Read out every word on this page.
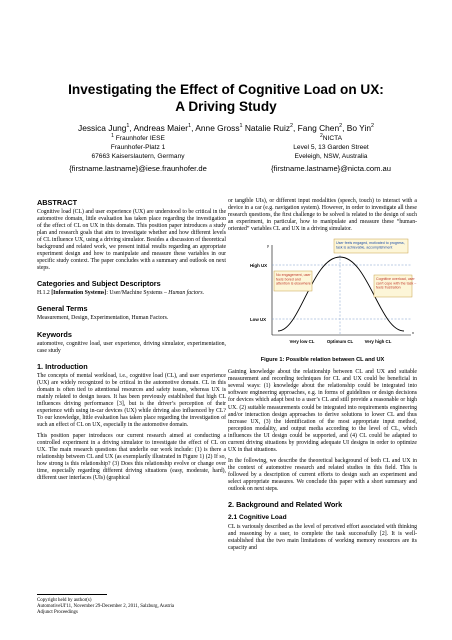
Investigating the Effect of Cognitive Load on UX:
A Driving Study
Jessica Jung$^1$, Andreas Maier$^1$, Anne Gross$^1$ Natalie Ruiz$^2$, Fang Chen$^2$, Bo Yin$^2$
$^1$ Fraunhofer IESE
Fraunhofer-Platz 1
67663 Kaiserslautern, Germany
{firstname.lastname}@iese.fraunhofer.de
$^2$NICTA
Level 5, 13 Garden Street
Eveleigh, NSW, Australia
{firstname.lastname}@nicta.com.au
ABSTRACT

Cognitive load (CL) and user experience (UX) are understood to be critical in the automotive domain, little evaluation has taken place regarding the investigation of the effect of CL on UX in this domain. This position paper introduces a study plan and research goals that aim to investigate whether and how different levels of CL influence UX, using a driving simulator. Besides a discussion of theoretical background and related work, we present initial results regarding an appropriate experiment design and how to manipulate and measure these variables in our specific study context. The paper concludes with a summary and outlook on next steps.

Categories and Subject Descriptors

H.1.2 [Information Systems]: User/Machine Systems – Human factors.

General Terms

Measurement, Design, Experimentation, Human Factors.

Keywords

automotive, cognitive load, user experience, driving simulator, experimentation, case study

1. Introduction

The concepts of mental workload, i.e., cognitive load (CL), and user experience (UX) are widely recognized to be critical in the automotive domain. CL in this domain is often tied to attentional resources and safety issues, whereas UX is mainly related to design issues. It has been previously established that high CL influences driving performance [3], but is the driver’s perception of their experience with using in-car devices (UX) while driving also influenced by CL? To our knowledge, little evaluation has taken place regarding the investigation of such an effect of CL on UX, especially in the automotive domain.

This position paper introduces our current research aimed at conducting a controlled experiment in a driving simulator to investigate the effect of CL on UX. The main research questions that underlie our work include: (1) is there a relationship between CL and UX (as exemplarily illustrated in Figure 1) (2) If so, how strong is this relationship? (3) Does this relationship evolve or change over time, especially regarding different driving situations (easy, moderate, hard), different user interfaces (UIs) (graphical

Copyright held by author(s)
AutomotiveUI'11, November 29-December 2, 2011, Salzburg, Austria
Adjunct Proceedings

or tangible UIs), or different input modalities (speech, touch) to interact with a device in a car (e.g. navigation system). However, in order to investigate all these research questions, the first challenge to be solved is related to the design of such an experiment, in particular, how to manipulate and measure these “human-oriented” variables CL and UX in a driving simulator.

y
x
High UX
Low UX
Very low CL	Optimum CL	Very high CL
User feels engaged, motivated to progress, task is achievable, accomplishment
No engagement, user feels bored and attention is elsewhere
Cognitive overload, user can't cope with the task – feels frustration
Figure 1: Possible relation between CL and UX

Gaining knowledge about the relationship between CL and UX and suitable measurement and recording techniques for CL and UX could be beneficial in several ways: (1) knowledge about the relationship could be integrated into software engineering approaches, e.g. in forms of guidelines or design decisions for devices which adapt best to a user’s CL and still provide a reasonable or high UX. (2) suitable measurements could be integrated into requirements engineering and/or interaction design approaches to derive solutions to lower CL and thus increase UX, (3) the identification of the most appropriate input method, perception modality, and output media according to the level of CL, which influences the UI design could be supported, and (4) CL could be adapted to current driving situations by providing adequate UI designs in order to optimize UX in that situations.

In the following, we describe the theoretical background of both CL and UX in the context of automotive research and related studies in this field. This is followed by a description of current efforts to design such an experiment and select appropriate measures. We conclude this paper with a short summary and outlook on next steps.

2. Background and Related Work
2.1 Cognitive Load

CL is variously described as the level of perceived effort associated with thinking and reasoning by a user, to complete the task successfully [2]. It is well-established that the two main limitations of working memory resources are its capacity and
